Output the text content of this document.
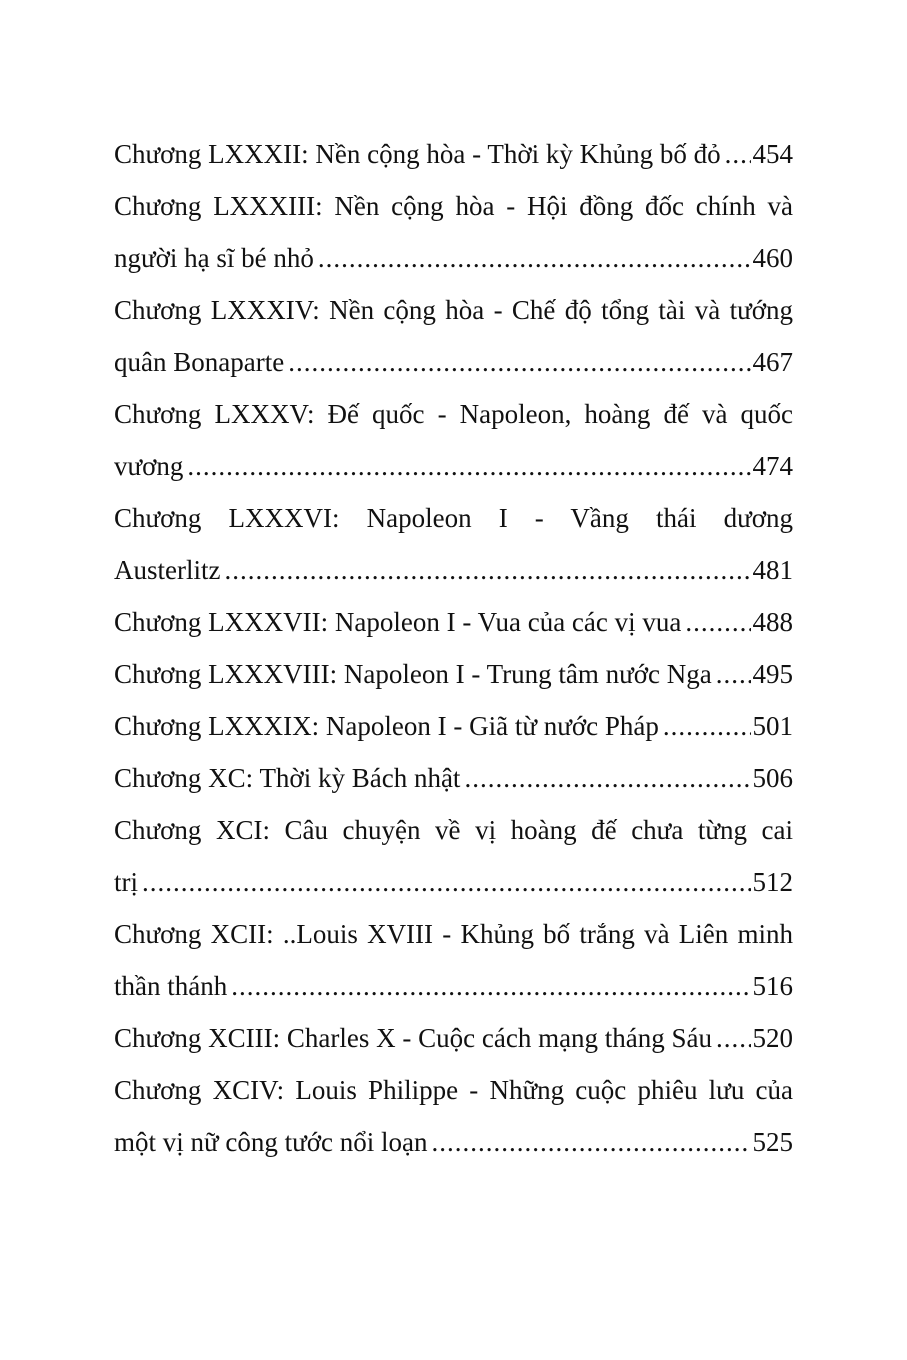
Chương LXXXII: Nền cộng hòa - Thời kỳ Khủng bố đỏ ..... 454
Chương LXXXIII: Nền cộng hòa - Hội đồng đốc chính và
người hạ sĩ bé nhỏ .....	460
Chương LXXXIV: Nền cộng hòa - Chế độ tổng tài và tướng
quân Bonaparte .....	467
Chương LXXXV: Đế quốc - Napoleon, hoàng đế và quốc
vương .....	474
Chương LXXXVI: Napoleon I - Vầng thái dương
Austerlitz .....	481
Chương LXXXVII: Napoleon I - Vua của các vị vua .....	488
Chương LXXXVIII: Napoleon I - Trung tâm nước Nga ..... 495
Chương LXXXIX: Napoleon I - Giã từ nước Pháp .....	501
Chương XC: Thời kỳ Bách nhật .....	506
Chương XCI: Câu chuyện về vị hoàng đế chưa từng cai
trị .....	512
Chương XCII: ..Louis XVIII - Khủng bố trắng và Liên minh
thần thánh .....	516
Chương XCIII: Charles X - Cuộc cách mạng tháng Sáu ..... 520
Chương XCIV: Louis Philippe - Những cuộc phiêu lưu của
một vị nữ công tước nổi loạn .....	525
